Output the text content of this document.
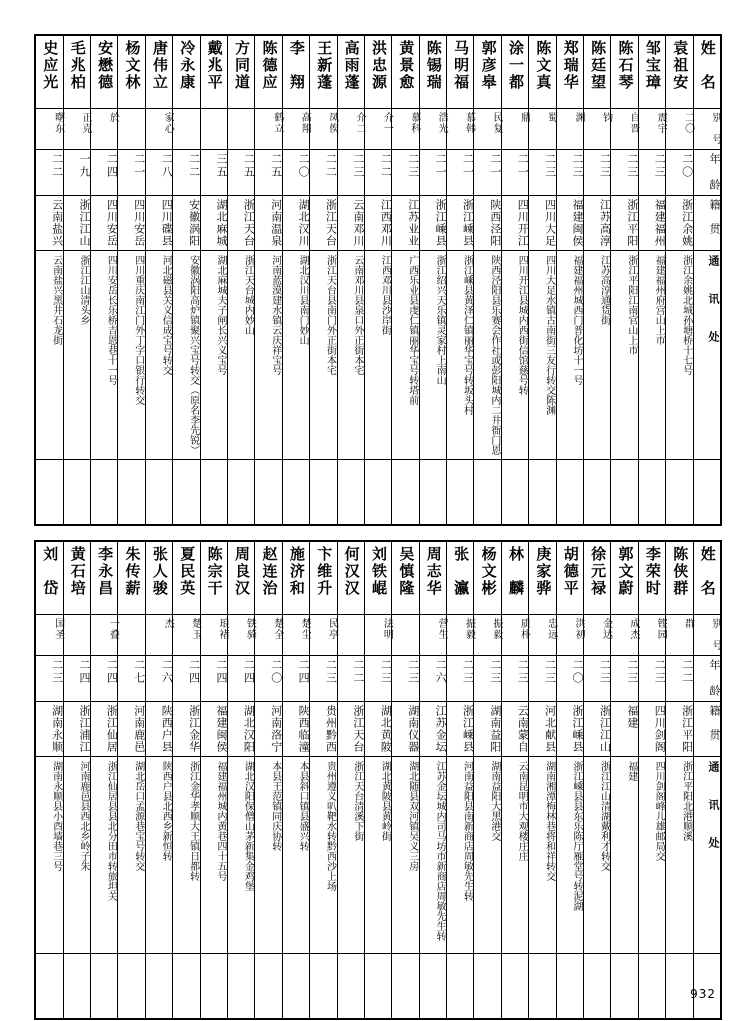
姓　名	袁祖安	邹宝璋	陈石琴	陈廷望	郑瑞华	陈文真	涂一都	郭彦皋	马明福	陈锡瑞	黄景愈	洪忠源	高雨蓬	王新蓬	李　翔	陈德应	方同道	戴兆平	冷永康	唐伟立	杨文林	安懋德	毛兆柏	史应光

别　号	二〇	震宇	自晋	钧	渊	蜀	鼎	民复	慕韩	浩光	慕科	介一	介二	凤俟	高翔	鹤立				家心		於	正克	曙东

年　龄	二〇	二三	二三	二三	二三	二三	二一	二一	二一	二一	二三	二二	二三	二二	二〇	二五	二五	三五	二二	二八	二一	二四	一九	二二

籍　贯	浙江余姚	福建福州	浙江平阳	江苏高淳	福建闽侯	四川大足	四川开江	陕西泾阳	浙江嵊县	浙江嵊县	江苏业业	江西邓川	云南邓川	浙江天台	湖北汉川	河南温泉	浙江天台	湖北麻城	安徽涡阳	四川碟县	四川安岳	四川安岳	浙江江山	云南盐兴

通　讯　处	浙江余姚北城孙塘桥十七号	福建福州府宫山上市	浙江平阳江南官山上市	江苏高淳通货街	福建福州城西门普化坊十一号	四川大足水镇古南街三友行转交陈渊	四川开江县城内西街信馆慈号转	陕西泾阳县乐赛会作社或彭阳城内二井衙门恩	浙江嵊县黄泽仁镇丽华宝号转坂头村	浙江绍兴天乐镇灵家村上南山	广西乐业县虔仁镇丽华宝号转塔前	江西邓川县沙岸街	云南邓川县泉口外正街本宅	浙江天台县南门外正街本宅	湖北汉川县南门妙山	河南蓝漠建水镇云庆祥宝号	浙江天台城内妙山	湖北麻城夫子闸长兴义宝号	安徽涡阳高炉镇聚兴宝号转交（原名李先锐）	河北磁县关义信成宝号转交	四川重庆南江门外丁字口银行转交	四川安岳长乐桥吉恩巷十一号	浙江江山清头乡	云南盐兴黑井石龙街

姓　名	陈侠群	李荣时	郭文蔚	徐元禄	胡德平	庚家骅	林　麟	杨文彬	张　瀛	周志华	吴慎隆	刘铁崐	何汉汉	卞维升	施济和	赵连治	周良汉	陈宗干	夏民英	张人骏	朱传薪	李永昌	黄石培	刘　岱

别　号	群	铿园	成杰	金达	洪初	忠远	质朴	振毅	振毅	营生		法明		民亭	楚尘	楚全	铁骑	琅褚	楚玉	杰		一叠		国圣

年　龄	二二	二三	二三	二三	二〇	二三	二三	二三	二三	二六	二三	二三	二二	二三	二四	二〇	二四	二四	二四	二六	二七	二四	二四	二三

籍　贯	浙江平阳	四川剑阁	福建	浙江江山	浙江嵊县	河北献县	云南蒙自	湖南益阳	浙江嵊县	江苏金坛	湖南仪器	湖北黄陂	浙江天台	贵州黔西	陕西临潼	河南洛宁	湖北汉阳	福建闽侯	浙江金华	陕西户县	河南鹿邑	浙江仙居	浙江浦江	湖南永顺

通　讯　处	浙江平阳北港顺溪	四川剑阁峰儿雄邮局交	福建	浙江江山清湖戴利才转交	浙江嵊县县东乐陈厅雁堂号转泥湖	湖南湘潭梅林巷将和祥转交	云南昆明市大观楼庄庄	湖南益阳大黑港交	河南益阳县南新商店周敏先生转	江苏金坛城内司马坊市新商店周敏先生转	湖北随县双河镇吴义三房	湖北黄陂县黄岭街	浙江天台清溪下街	贵州遵义叭靶水转黔西沙上场	本县斜口镇县盛兴转	本县王范镇同庆协转	湖北汉阳保僧山茅新集金鸡堡	福建福州城内黄巷四十五号	浙江金华孝顺大王镇日都转	陕西户县北西乡新恒转	湖北岳口孟源巷宝号转交	浙江仙居县县北分田市转旅坦关	河南鹿邑县西北乡岭子朱	湖南永顺县小酉墙巷三号

932
